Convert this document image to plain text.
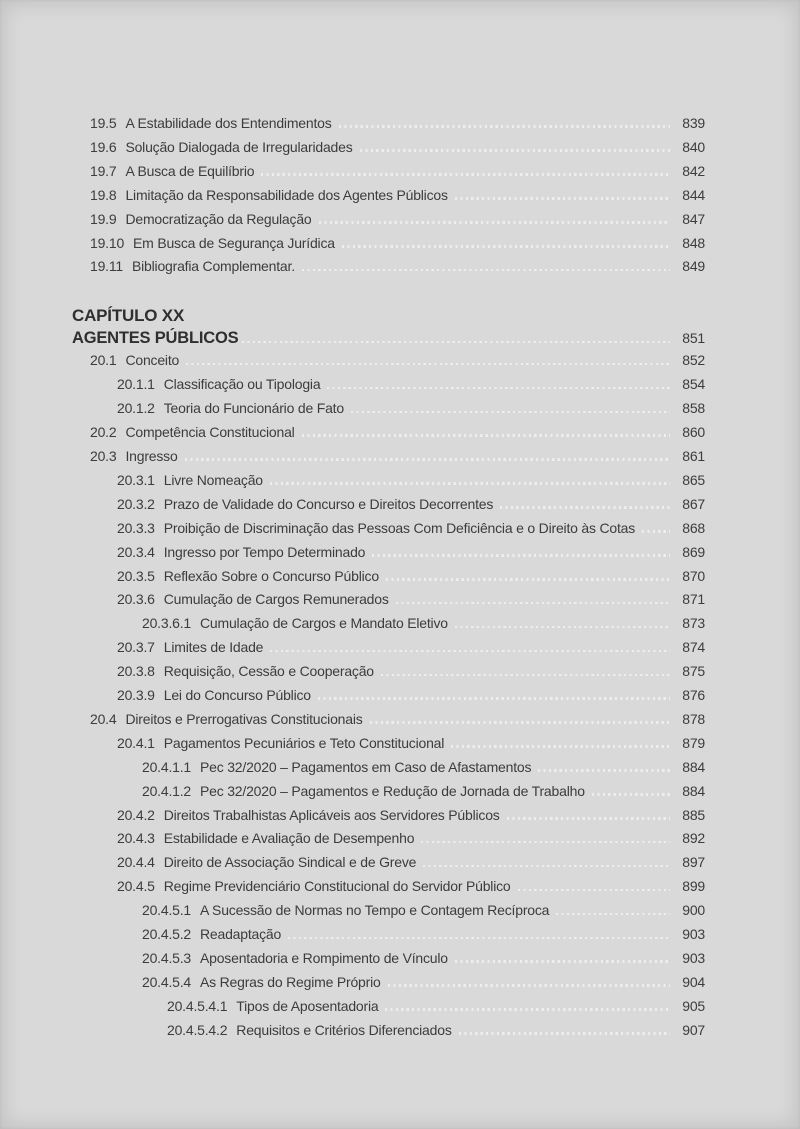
19.5 A Estabilidade dos Entendimentos	839
19.6 Solução Dialogada de Irregularidades	840
19.7 A Busca de Equilíbrio	842
19.8 Limitação da Responsabilidade dos Agentes Públicos	844
19.9 Democratização da Regulação	847
19.10 Em Busca de Segurança Jurídica	848
19.11 Bibliografia Complementar.	849
CAPÍTULO XX
AGENTES PÚBLICOS	851
20.1 Conceito	852
20.1.1 Classificação ou Tipologia	854
20.1.2 Teoria do Funcionário de Fato	858
20.2 Competência Constitucional	860
20.3 Ingresso	861
20.3.1 Livre Nomeação	865
20.3.2 Prazo de Validade do Concurso e Direitos Decorrentes	867
20.3.3 Proibição de Discriminação das Pessoas Com Deficiência e o Direito às Cotas	868
20.3.4 Ingresso por Tempo Determinado	869
20.3.5 Reflexão Sobre o Concurso Público	870
20.3.6 Cumulação de Cargos Remunerados	871
20.3.6.1 Cumulação de Cargos e Mandato Eletivo	873
20.3.7 Limites de Idade	874
20.3.8 Requisição, Cessão e Cooperação	875
20.3.9 Lei do Concurso Público	876
20.4 Direitos e Prerrogativas Constitucionais	878
20.4.1 Pagamentos Pecuniários e Teto Constitucional	879
20.4.1.1 Pec 32/2020 – Pagamentos em Caso de Afastamentos	884
20.4.1.2 Pec 32/2020 – Pagamentos e Redução de Jornada de Trabalho	884
20.4.2 Direitos Trabalhistas Aplicáveis aos Servidores Públicos	885
20.4.3 Estabilidade e Avaliação de Desempenho	892
20.4.4 Direito de Associação Sindical e de Greve	897
20.4.5 Regime Previdenciário Constitucional do Servidor Público	899
20.4.5.1 A Sucessão de Normas no Tempo e Contagem Recíproca	900
20.4.5.2 Readaptação	903
20.4.5.3 Aposentadoria e Rompimento de Vínculo	903
20.4.5.4 As Regras do Regime Próprio	904
20.4.5.4.1 Tipos de Aposentadoria	905
20.4.5.4.2 Requisitos e Critérios Diferenciados	907
